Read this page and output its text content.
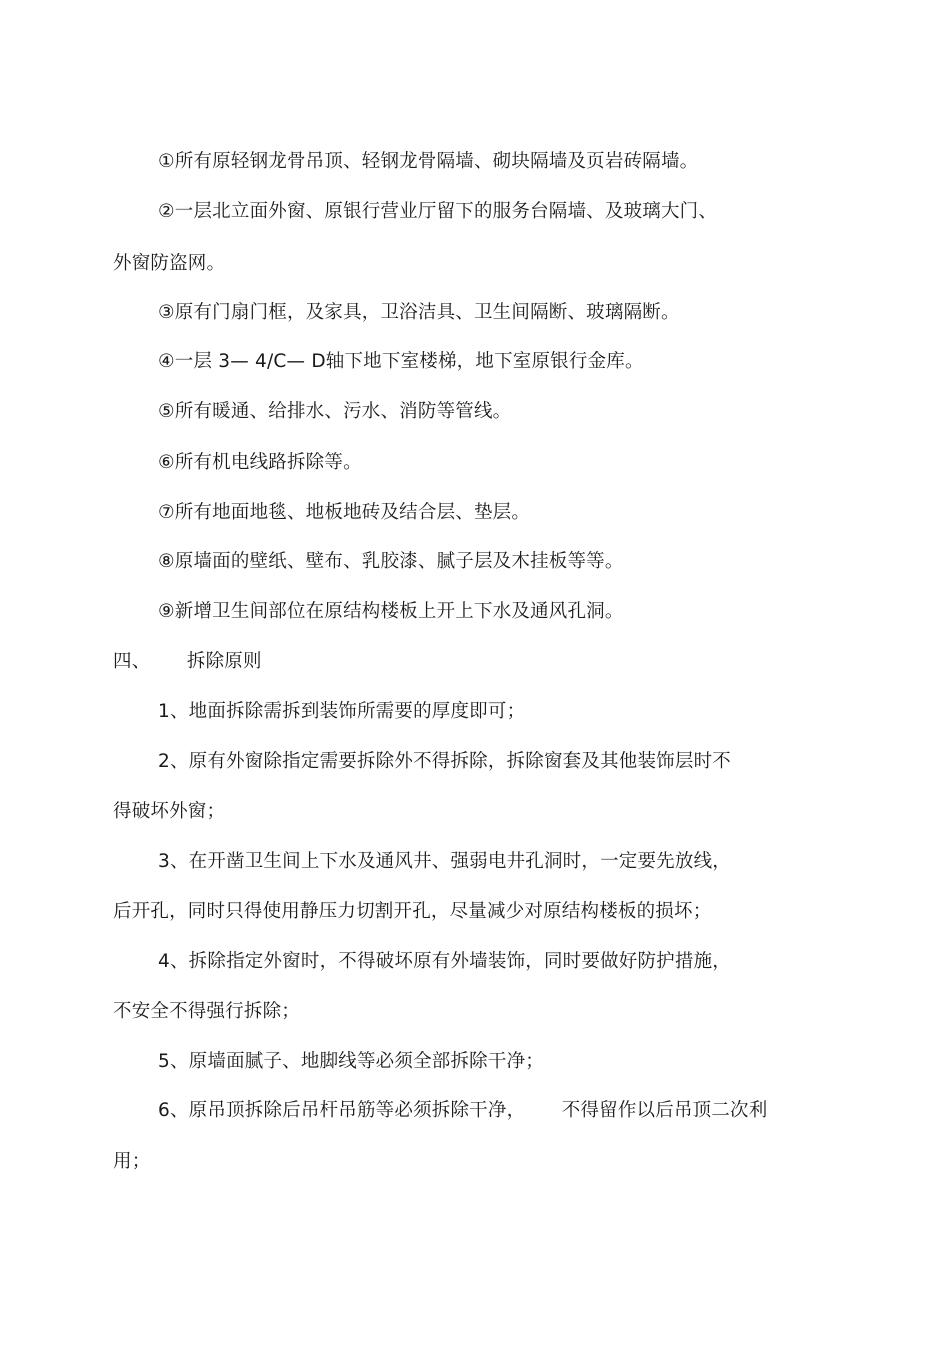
①所有原轻钢龙骨吊顶、轻钢龙骨隔墙、砌块隔墙及页岩砖隔墙。
②一层北立面外窗、原银行营业厅留下的服务台隔墙、及玻璃大门、
外窗防盗网。
③原有门扇门框，及家具，卫浴洁具、卫生间隔断、玻璃隔断。
④一层 3— 4/C— D轴下地下室楼梯，地下室原银行金库。
⑤所有暖通、给排水、污水、消防等管线。
⑥所有机电线路拆除等。
⑦所有地面地毯、地板地砖及结合层、垫层。
⑧原墙面的壁纸、壁布、乳胶漆、腻子层及木挂板等等。
⑨新增卫生间部位在原结构楼板上开上下水及通风孔洞。
四、      拆除原则
1、地面拆除需拆到装饰所需要的厚度即可；
2、原有外窗除指定需要拆除外不得拆除，拆除窗套及其他装饰层时不
得破坏外窗；
3、在开凿卫生间上下水及通风井、强弱电井孔洞时，一定要先放线，
后开孔，同时只得使用静压力切割开孔，尽量减少对原结构楼板的损坏；
4、拆除指定外窗时，不得破坏原有外墙装饰，同时要做好防护措施，
不安全不得强行拆除；
5、原墙面腻子、地脚线等必须全部拆除干净；
6、原吊顶拆除后吊杆吊筋等必须拆除干净，      不得留作以后吊顶二次利
用；
